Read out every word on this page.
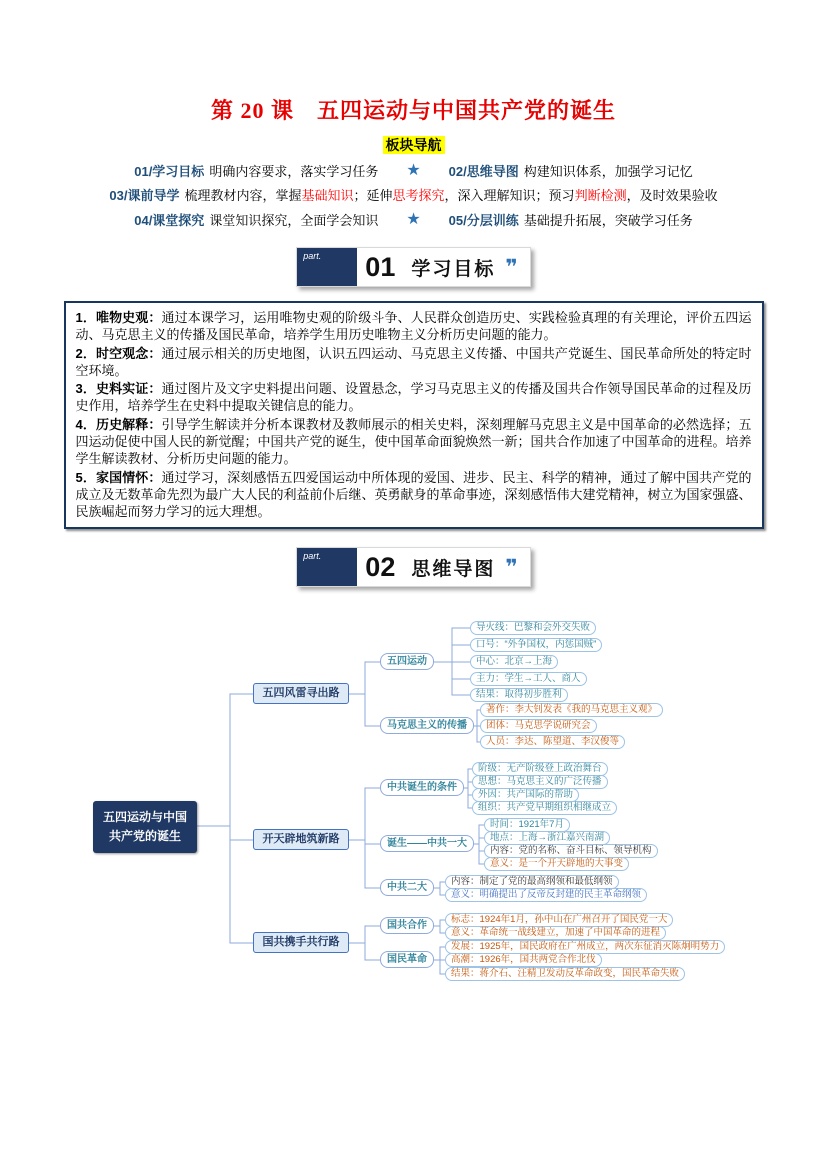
第 20 课　五四运动与中国共产党的诞生
板块导航
01/学习目标 明确内容要求，落实学习任务 ★ 02/思维导图 构建知识体系，加强学习记忆
03/课前导学 梳理教材内容，掌握基础知识；延伸思考探究，深入理解知识；预习判断检测，及时效果验收
04/课堂探究 课堂知识探究，全面学会知识 ★ 05/分层训练 基础提升拓展，突破学习任务
part. 01 学习目标 ❞

1．唯物史观：通过本课学习，运用唯物史观的阶级斗争、人民群众创造历史、实践检验真理的有关理论，评价五四运动、马克思主义的传播及国民革命，培养学生用历史唯物主义分析历史问题的能力。

2．时空观念：通过展示相关的历史地图，认识五四运动、马克思主义传播、中国共产党诞生、国民革命所处的特定时空环境。

3．史料实证：通过图片及文字史料提出问题、设置悬念，学习马克思主义的传播及国共合作领导国民革命的过程及历史作用，培养学生在史料中提取关键信息的能力。

4．历史解释：引导学生解读并分析本课教材及教师展示的相关史料，深刻理解马克思主义是中国革命的必然选择；五四运动促使中国人民的新觉醒；中国共产党的诞生，使中国革命面貌焕然一新；国共合作加速了中国革命的进程。培养学生解读教材、分析历史问题的能力。

5．家国情怀：通过学习，深刻感悟五四爱国运动中所体现的爱国、进步、民主、科学的精神，通过了解中国共产党的成立及无数革命先烈为最广大人民的利益前仆后继、英勇献身的革命事迹，深刻感悟伟大建党精神，树立为国家强盛、民族崛起而努力学习的远大理想。

part. 02 思维导图 ❞
五四运动与中国共产党的诞生
五四风雷寻出路
开天辟地筑新路
国共携手共行路
五四运动
马克思主义的传播
中共诞生的条件
诞生——中共一大
中共二大
国共合作
国民革命
导火线：巴黎和会外交失败
口号：“外争国权，内惩国贼”
中心：北京→上海
主力：学生→工人、商人
结果：取得初步胜利
著作：李大钊发表《我的马克思主义观》
团体：马克思学说研究会
人员：李达、陈望道、李汉俊等
阶级：无产阶级登上政治舞台
思想：马克思主义的广泛传播
外因：共产国际的帮助
组织：共产党早期组织相继成立
时间：1921年7月
地点：上海→浙江嘉兴南湖
内容：党的名称、奋斗目标、领导机构
意义：是一个开天辟地的大事变
内容：制定了党的最高纲领和最低纲领
意义：明确提出了反帝反封建的民主革命纲领
标志：1924年1月，孙中山在广州召开了国民党一大
意义：革命统一战线建立，加速了中国革命的进程
发展：1925年，国民政府在广州成立，两次东征消灭陈炯明势力
高潮：1926年，国共两党合作北伐
结果：蒋介石、汪精卫发动反革命政变，国民革命失败
